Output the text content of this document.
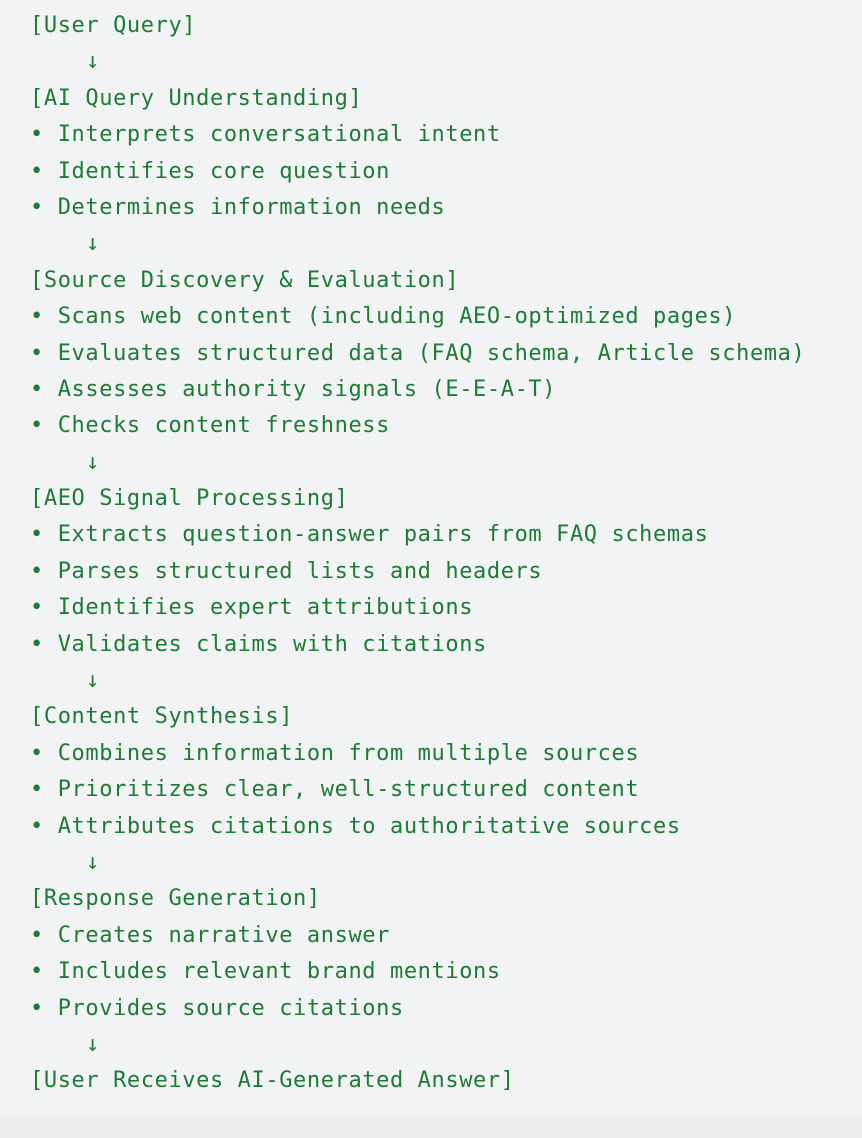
[User Query]
↓
[AI Query Understanding]
• Interprets conversational intent
• Identifies core question
• Determines information needs
↓
[Source Discovery & Evaluation]
• Scans web content (including AEO-optimized pages)
• Evaluates structured data (FAQ schema, Article schema)
• Assesses authority signals (E-E-A-T)
• Checks content freshness
↓
[AEO Signal Processing]
• Extracts question-answer pairs from FAQ schemas
• Parses structured lists and headers
• Identifies expert attributions
• Validates claims with citations
↓
[Content Synthesis]
• Combines information from multiple sources
• Prioritizes clear, well-structured content
• Attributes citations to authoritative sources
↓
[Response Generation]
• Creates narrative answer
• Includes relevant brand mentions
• Provides source citations
↓
[User Receives AI-Generated Answer]
